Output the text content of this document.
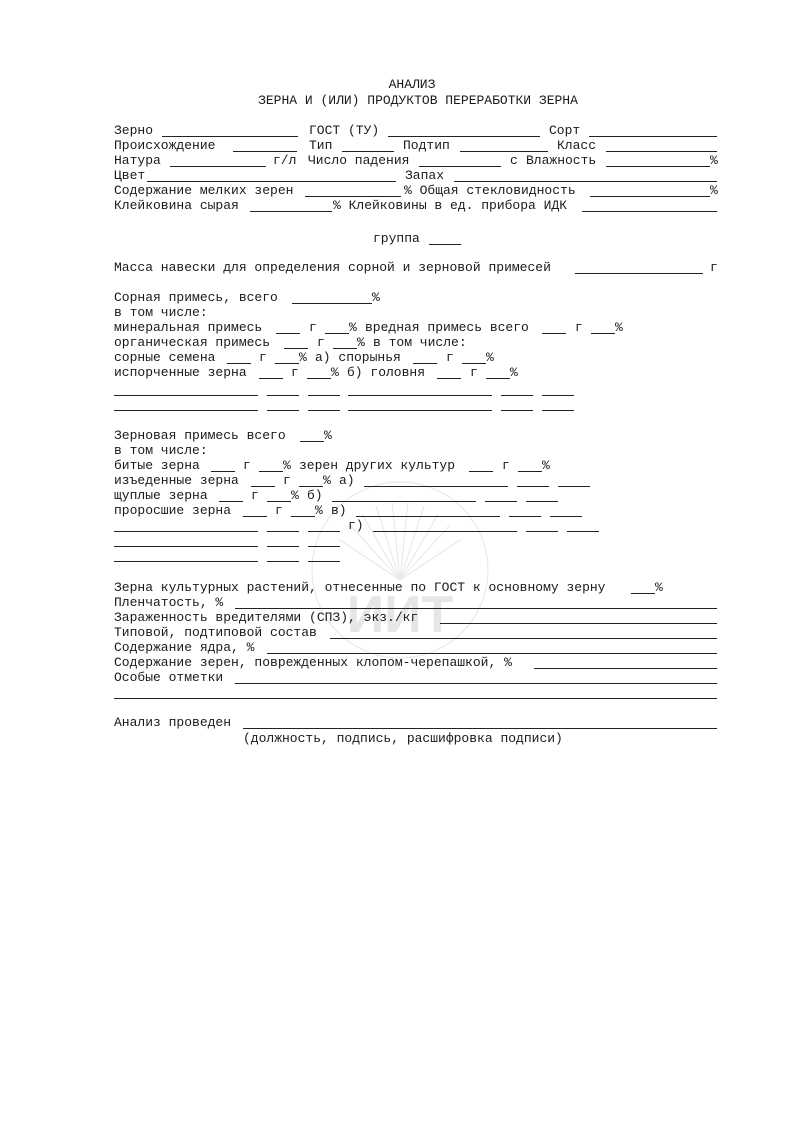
ИИТ
АНАЛИЗ
ЗЕРНА И (ИЛИ) ПРОДУКТОВ ПЕРЕРАБОТКИ ЗЕРНА
Зерно	ГОСТ (ТУ)	Сорт
Происхождение	Тип	Подтип	Класс
Натура	г/л Число падения	с Влажность	%
Цвет	Запах
Содержание мелких зерен	% Общая стекловидность	%
Клейковина сырая	% Клейковины в ед. прибора ИДК
группа
Масса навески для определения сорной и зерновой примесей	г
Сорная примесь, всего	%
в том числе:
минеральная примесь	г % вредная примесь всего	г %
органическая примесь	г % в том числе:
сорные семена	г % а) спорынья	г %
испорченные зерна	г % б) головня	г %
Зерновая примесь всего	%
в том числе:
битые зерна	г % зерен других культур	г %
изъеденные зерна	г % а)
щуплые зерна	г % б)
проросшие зерна	г % в)
г)
Зерна культурных растений, отнесенные по ГОСТ к основному зерну	%
Пленчатость, %
Зараженность вредителями (СПЗ), экз./кг
Типовой, подтиповой состав
Содержание ядра, %
Содержание зерен, поврежденных клопом-черепашкой, %
Особые отметки
Анализ проведен
(должность, подпись, расшифровка подписи)
